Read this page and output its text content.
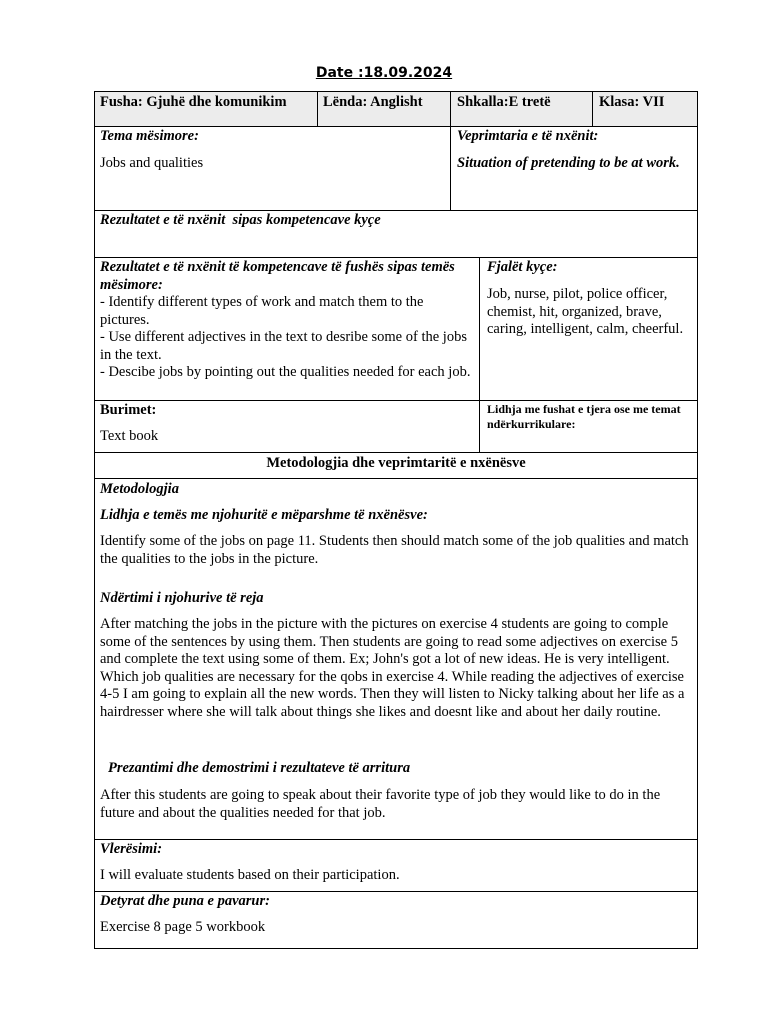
Date :18.09.2024
Fusha: Gjuhë dhe komunikim	Lënda: Anglisht Shkalla:E tretë	Klasa: VII
Tema mësimore:
Jobs and qualities
Veprimtaria e të nxënit:
Situation of pretending to be at work.
Rezultatet e të nxënit  sipas kompetencave kyçe

Rezultatet e të nxënit të kompetencave të fushës sipas temës mësimore:

- Identify different types of work and match them to the pictures.

- Use different adjectives in the text to desribe some of the jobs in the text.

- Descibe jobs by pointing out the qualities needed for each job.

Fjalët kyçe:
Job, nurse, pilot, police officer, chemist, hit, organized, brave, caring, intelligent, calm, cheerful.
Burimet:
Text book
Lidhja me fushat e tjera ose me temat ndërkurrikulare:
Metodologjia dhe veprimtaritë e nxënësve
Metodologjia
Lidhja e temës me njohuritë e mëparshme të nxënësve:
Identify some of the jobs on page 11. Students then should match some of the job qualities and match the qualities to the jobs in the picture.
Ndërtimi i njohurive të reja
After matching the jobs in the picture with the pictures on exercise 4 students are going to comple some of the sentences by using them. Then students are going to read some adjectives on exercise 5 and complete the text using some of them. Ex; John's got a lot of new ideas. He is very intelligent. Which job qualities are necessary for the qobs in exercise 4. While reading the adjectives of exercise 4-5 I am going to explain all the new words. Then they will listen to Nicky talking about her life as a hairdresser where she will talk about things she likes and doesnt like and about her daily routine.
Prezantimi dhe demostrimi i rezultateve të arritura
After this students are going to speak about their favorite type of job they would like to do in the future and about the qualities needed for that job.
Vlerësimi:
I will evaluate students based on their participation.
Detyrat dhe puna e pavarur:
Exercise 8 page 5 workbook
